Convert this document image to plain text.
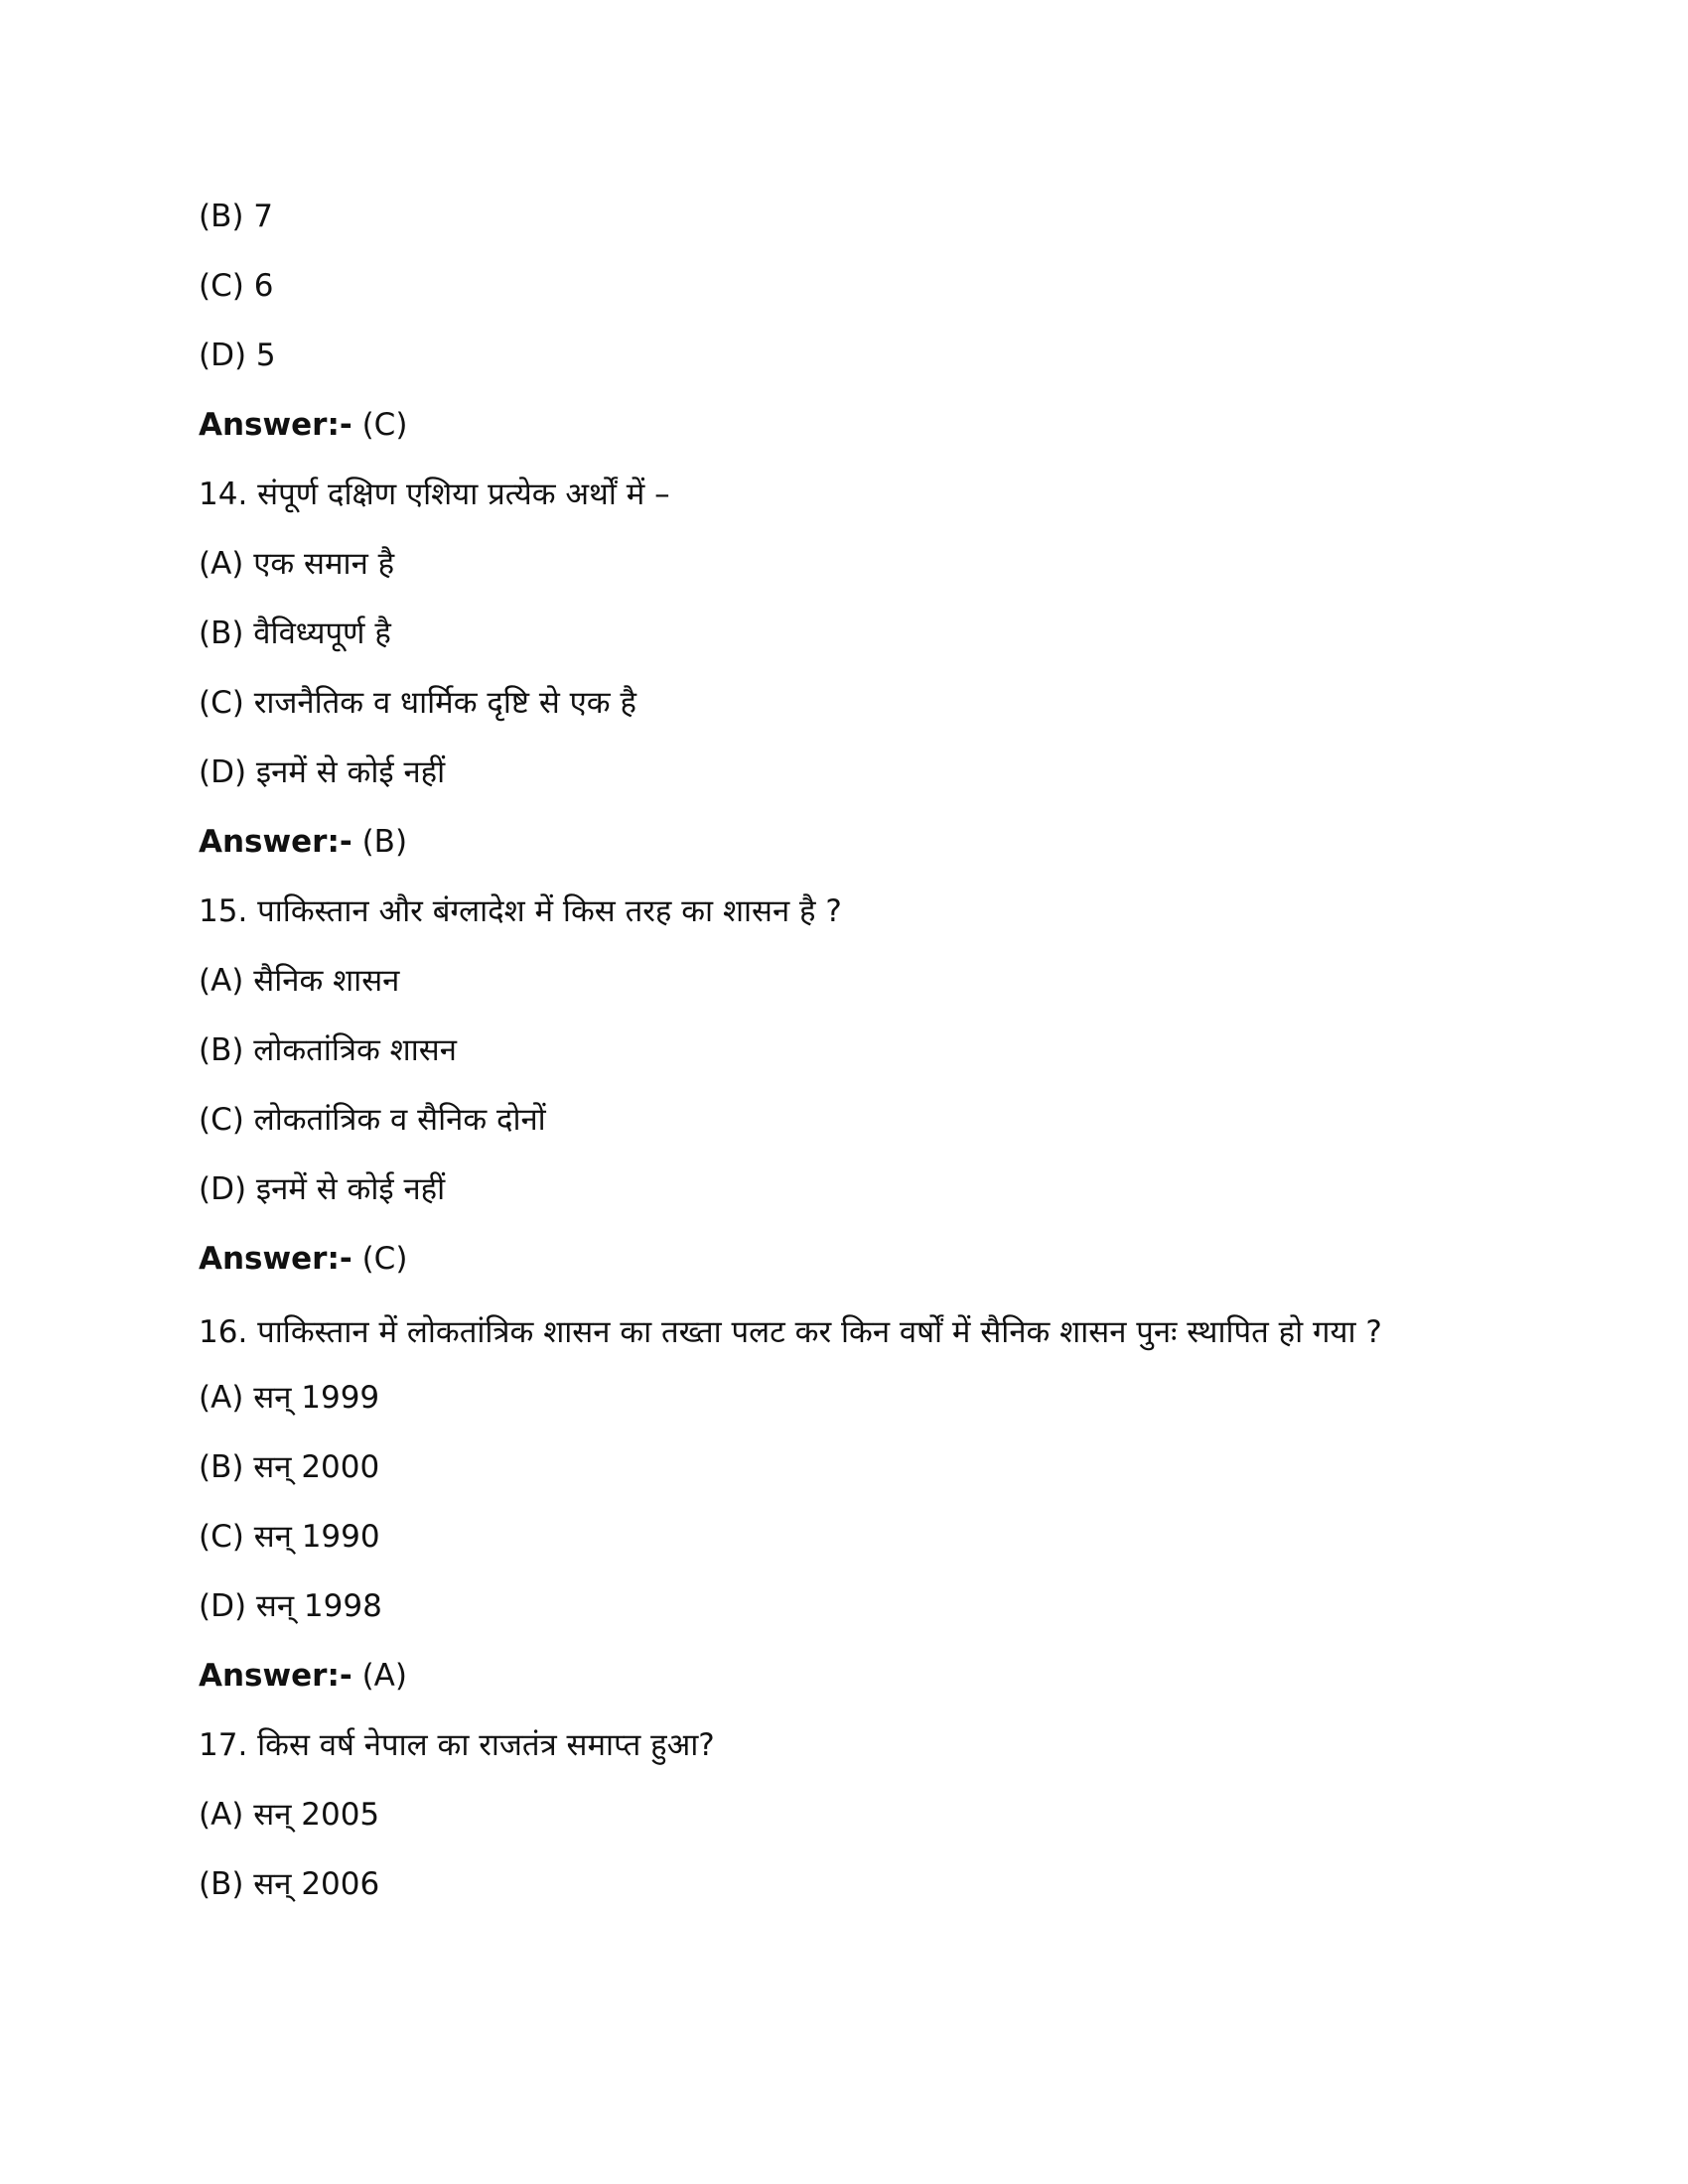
(B) 7

(C) 6

(D) 5

Answer:- (C)

14. संपूर्ण दक्षिण एशिया प्रत्येक अर्थों में –

(A) एक समान है

(B) वैविध्यपूर्ण है

(C) राजनैतिक व धार्मिक दृष्टि से एक है

(D) इनमें से कोई नहीं

Answer:- (B)

15. पाकिस्तान और बंग्लादेश में किस तरह का शासन है ?

(A) सैनिक शासन

(B) लोकतांत्रिक शासन

(C) लोकतांत्रिक व सैनिक दोनों

(D) इनमें से कोई नहीं

Answer:- (C)

16. पाकिस्तान में लोकतांत्रिक शासन का तख्ता पलट कर किन वर्षों में सैनिक शासन पुनः स्थापित हो गया ?

(A) सन् 1999

(B) सन् 2000

(C) सन् 1990

(D) सन् 1998

Answer:- (A)

17. किस वर्ष नेपाल का राजतंत्र समाप्त हुआ?

(A) सन् 2005

(B) सन् 2006
